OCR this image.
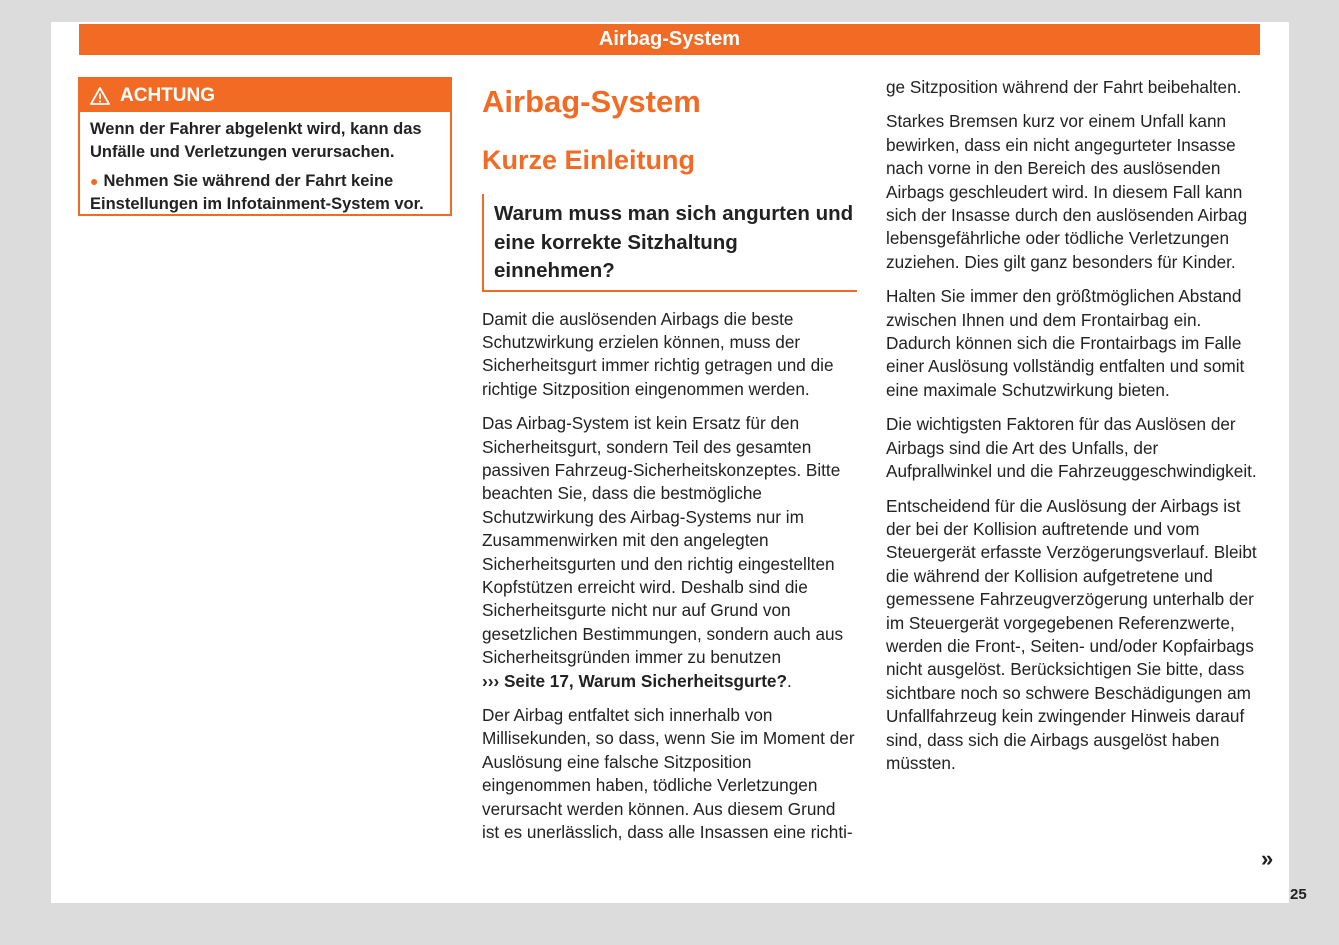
Airbag-System
ACHTUNG

Wenn der Fahrer abgelenkt wird, kann das Unfälle und Verletzungen verursachen.

● Nehmen Sie während der Fahrt keine Einstellungen im Infotainment-System vor.

Airbag-System
Kurze Einleitung
Warum muss man sich angurten und eine korrekte Sitzhaltung einnehmen?

Damit die auslösenden Airbags die beste Schutzwirkung erzielen können, muss der Sicherheitsgurt immer richtig getragen und die richtige Sitzposition eingenommen werden.

Das Airbag-System ist kein Ersatz für den Sicherheitsgurt, sondern Teil des gesamten passiven Fahrzeug-Sicherheitskonzeptes. Bitte beachten Sie, dass die bestmögliche Schutzwirkung des Airbag-Systems nur im Zusammenwirken mit den angelegten Sicherheitsgurten und den richtig eingestellten Kopfstützen erreicht wird. Deshalb sind die Sicherheitsgurte nicht nur auf Grund von gesetzlichen Bestimmungen, sondern auch aus Sicherheitsgründen immer zu benutzen
››› Seite 17, Warum Sicherheitsgurte?.

Der Airbag entfaltet sich innerhalb von Millisekunden, so dass, wenn Sie im Moment der Auslösung eine falsche Sitzposition eingenommen haben, tödliche Verletzungen verursacht werden können. Aus diesem Grund ist es unerlässlich, dass alle Insassen eine richti-

ge Sitzposition während der Fahrt beibehalten.

Starkes Bremsen kurz vor einem Unfall kann bewirken, dass ein nicht angegurteter Insasse nach vorne in den Bereich des auslösenden Airbags geschleudert wird. In diesem Fall kann sich der Insasse durch den auslösenden Airbag lebensgefährliche oder tödliche Verletzungen zuziehen. Dies gilt ganz besonders für Kinder.

Halten Sie immer den größtmöglichen Abstand zwischen Ihnen und dem Frontairbag ein. Dadurch können sich die Frontairbags im Falle einer Auslösung vollständig entfalten und somit eine maximale Schutzwirkung bieten.

Die wichtigsten Faktoren für das Auslösen der Airbags sind die Art des Unfalls, der Aufprallwinkel und die Fahrzeuggeschwindigkeit.

Entscheidend für die Auslösung der Airbags ist der bei der Kollision auftretende und vom Steuergerät erfasste Verzögerungsverlauf. Bleibt die während der Kollision aufgetretene und gemessene Fahrzeugverzögerung unterhalb der im Steuergerät vorgegebenen Referenzwerte, werden die Front-, Seiten- und/oder Kopfairbags nicht ausgelöst. Berücksichtigen Sie bitte, dass sichtbare noch so schwere Beschädigungen am Unfallfahrzeug kein zwingender Hinweis darauf sind, dass sich die Airbags ausgelöst haben müssten.

»
25
